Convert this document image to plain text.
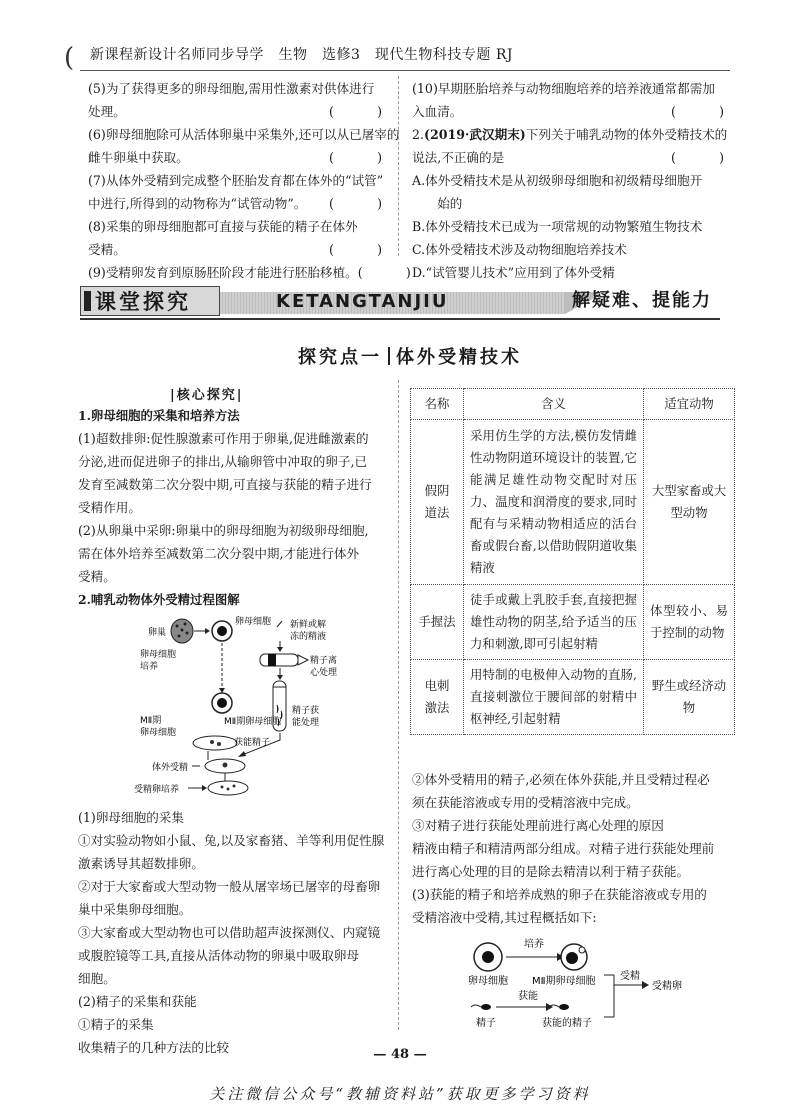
( 新课程新设计名师同步导学　生物　选修3　现代生物科技专题 RJ
(5)为了获得更多的卵母细胞,需用性激素对供体进行
处理。	(　　)
(6)卵母细胞除可从活体卵巢中采集外,还可以从已屠宰的
雌牛卵巢中获取。	(　　)
(7)从体外受精到完成整个胚胎发育都在体外的“试管”
中进行,所得到的动物称为“试管动物”。 (　　)
(8)采集的卵母细胞都可直接与获能的精子在体外
受精。	(　　)
(9)受精卵发育到原肠胚阶段才能进行胚胎移植。 (　　)
(10)早期胚胎培养与动物细胞培养的培养液通常都需加
入血清。	(　　)
2.(2019·武汉期末)下列关于哺乳动物的体外受精技术的
说法,不正确的是	(　　)
A.体外受精技术是从初级卵母细胞和初级精母细胞开
　　始的
B.体外受精技术已成为一项常规的动物繁殖生物技术
C.体外受精技术涉及动物细胞培养技术
D.“试管婴儿技术”应用到了体外受精
课堂探究	KETANGTANJIU	解疑难、提能力
探究点一 体外受精技术
|核心探究|
1.卵母细胞的采集和培养方法
(1)超数排卵:促性腺激素可作用于卵巢,促进雌激素的
分泌,进而促进卵子的排出,从输卵管中冲取的卵子,已
发育至减数第二次分裂中期,可直接与获能的精子进行
受精作用。
(2)从卵巢中采卵:卵巢中的卵母细胞为初级卵母细胞,
需在体外培养至减数第二次分裂中期,才能进行体外
受精。
2.哺乳动物体外受精过程图解
卵巢
卵母细胞
卵母细胞
培养
新鲜或解
冻的精液
精子离
心处理
精子获
能处理
MⅡ期卵母细胞
MⅡ期
卵母细胞
获能精子
体外受精
受精卵培养
(1)卵母细胞的采集
①对实验动物如小鼠、兔,以及家畜猪、羊等利用促性腺
激素诱导其超数排卵。
②对于大家畜或大型动物一般从屠宰场已屠宰的母畜卵
巢中采集卵母细胞。
③大家畜或大型动物也可以借助超声波探测仪、内窥镜
或腹腔镜等工具,直接从活体动物的卵巢中吸取卵母
细胞。
(2)精子的采集和获能
①精子的采集
收集精子的几种方法的比较
名称	含义	适宜动物
假阴
道法	采用仿生学的方法,模仿发情雌性动物阴道环境设计的装置,它能满足雄性动物交配时对压力、温度和润滑度的要求,同时配有与采精动物相适应的活台畜或假台畜,以借助假阴道收集精液	大型家畜或大型动物
手握法	徒手或戴上乳胶手套,直接把握雄性动物的阴茎,给予适当的压力和刺激,即可引起射精	体型较小、易于控制的动物
电刺
激法	用特制的电极伸入动物的直肠,直接刺激位于腰间部的射精中枢神经,引起射精	野生或经济动物
②体外受精用的精子,必须在体外获能,并且受精过程必
须在获能溶液或专用的受精溶液中完成。
③对精子进行获能处理前进行离心处理的原因
精液由精子和精清两部分组成。对精子进行获能处理前
进行离心处理的目的是除去精清以利于精子获能。
(3)获能的精子和培养成熟的卵子在获能溶液或专用的
受精溶液中受精,其过程概括如下:
卵母细胞
培养
MⅡ期卵母细胞 受精
受精卵
精子
获能
获能的精子
— 48 —
关注微信公众号“教辅资料站”获取更多学习资料
